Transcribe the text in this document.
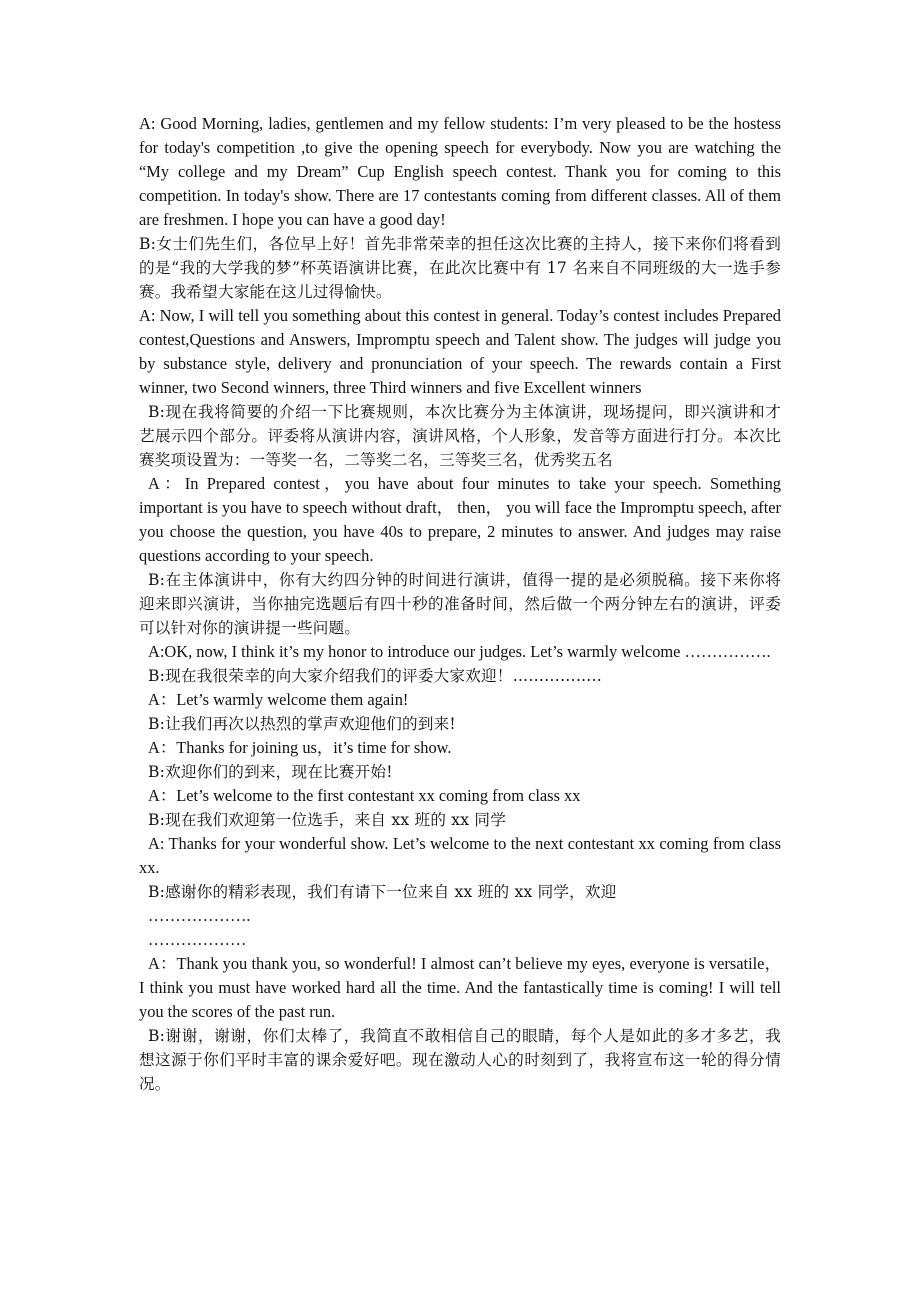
A: Good Morning, ladies, gentlemen and my fellow students: I’m very pleased to be the hostess for today's competition ,to give the opening speech for everybody. Now you are watching the “My college and my Dream” Cup English speech contest. Thank you for coming to this competition. In today's show. There are 17 contestants coming from different classes. All of them are freshmen. I hope you can have a good day!

B:女士们先生们，各位早上好！首先非常荣幸的担任这次比赛的主持人，接下来你们将看到的是“我的大学我的梦”杯英语演讲比赛，在此次比赛中有 17 名来自不同班级的大一选手参赛。我希望大家能在这儿过得愉快。

A: Now, I will tell you something about this contest in general. Today’s contest includes Prepared contest,Questions and Answers, Impromptu speech and Talent show. The judges will judge you by substance style, delivery and pronunciation of your speech. The rewards contain a First winner, two Second winners, three Third winners and five Excellent winners

B:现在我将简要的介绍一下比赛规则，本次比赛分为主体演讲，现场提问，即兴演讲和才艺展示四个部分。评委将从演讲内容，演讲风格，个人形象，发音等方面进行打分。本次比赛奖项设置为：一等奖一名，二等奖二名，三等奖三名，优秀奖五名

A：In Prepared contest，you have about four minutes to take your speech. Something important is you have to speech without draft， then， you will face the Impromptu speech, after you choose the question, you have 40s to prepare, 2 minutes to answer. And judges may raise questions according to your speech.

B:在主体演讲中，你有大约四分钟的时间进行演讲，值得一提的是必须脱稿。接下来你将迎来即兴演讲，当你抽完选题后有四十秒的准备时间，然后做一个两分钟左右的演讲，评委可以针对你的演讲提一些问题。

A:OK, now, I think it’s my honor to introduce our judges. Let’s warmly welcome …………….

B:现在我很荣幸的向大家介绍我们的评委大家欢迎！……………..

A：Let’s warmly welcome them again!

B:让我们再次以热烈的掌声欢迎他们的到来!

A：Thanks for joining us，it’s time for show.

B:欢迎你们的到来，现在比赛开始!

A：Let’s welcome to the first contestant xx coming from class xx

B:现在我们欢迎第一位选手，来自 xx 班的 xx 同学

A: Thanks for your wonderful show. Let’s welcome to the next contestant xx coming from class xx.

B:感谢你的精彩表现，我们有请下一位来自 xx 班的 xx 同学，欢迎

……………….

………………

A：Thank you thank you, so wonderful! I almost can’t believe my eyes, everyone is versatile，I think you must have worked hard all the time. And the fantastically time is coming! I will tell you the scores of the past run.

B:谢谢，谢谢，你们太棒了，我简直不敢相信自己的眼睛，每个人是如此的多才多艺，我想这源于你们平时丰富的课余爱好吧。现在激动人心的时刻到了，我将宣布这一轮的得分情况。
